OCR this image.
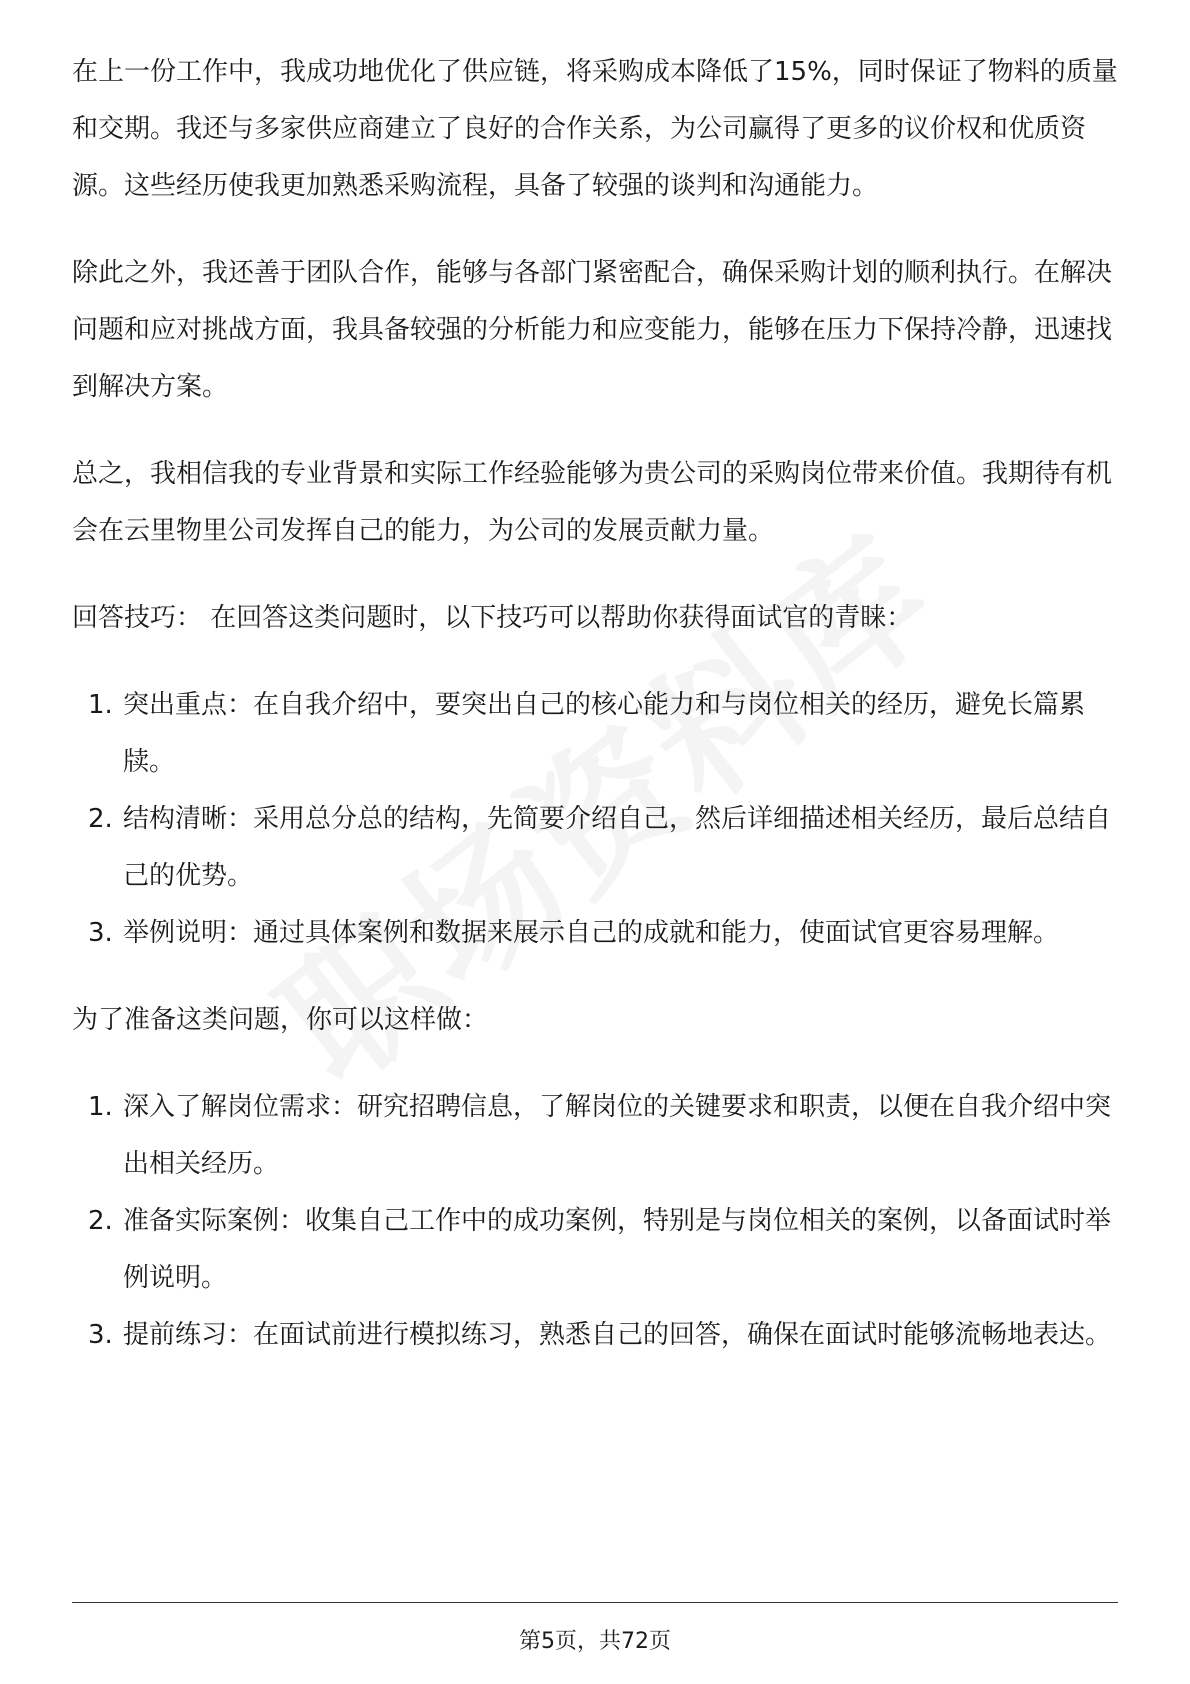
在上一份工作中，我成功地优化了供应链，将采购成本降低了15%，同时保证了物料的质量和交期。我还与多家供应商建立了良好的合作关系，为公司赢得了更多的议价权和优质资源。这些经历使我更加熟悉采购流程，具备了较强的谈判和沟通能力。

除此之外，我还善于团队合作，能够与各部门紧密配合，确保采购计划的顺利执行。在解决问题和应对挑战方面，我具备较强的分析能力和应变能力，能够在压力下保持冷静，迅速找到解决方案。

总之，我相信我的专业背景和实际工作经验能够为贵公司的采购岗位带来价值。我期待有机会在云里物里公司发挥自己的能力，为公司的发展贡献力量。

回答技巧： 在回答这类问题时，以下技巧可以帮助你获得面试官的青睐：

1. 突出重点：在自我介绍中，要突出自己的核心能力和与岗位相关的经历，避免长篇累牍。
2. 结构清晰：采用总分总的结构，先简要介绍自己，然后详细描述相关经历，最后总结自己的优势。
3. 举例说明：通过具体案例和数据来展示自己的成就和能力，使面试官更容易理解。

为了准备这类问题，你可以这样做：

1. 深入了解岗位需求：研究招聘信息，了解岗位的关键要求和职责，以便在自我介绍中突出相关经历。
2. 准备实际案例：收集自己工作中的成功案例，特别是与岗位相关的案例，以备面试时举例说明。
3. 提前练习：在面试前进行模拟练习，熟悉自己的回答，确保在面试时能够流畅地表达。
第5页，共72页
